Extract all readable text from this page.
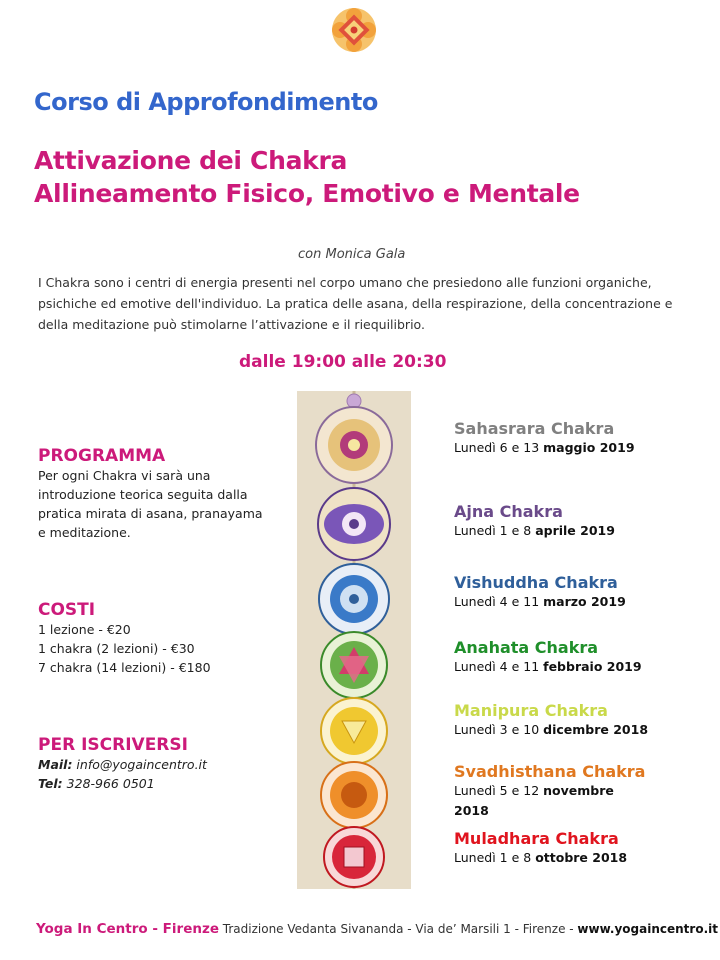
Corso di Approfondimento
Attivazione dei Chakra
Allineamento Fisico, Emotivo e Mentale
con Monica Gala
I Chakra sono i centri di energia presenti nel corpo umano che presiedono alle funzioni organiche, psichiche ed emotive dell'individuo. La pratica delle asana, della respirazione, della concentrazione e della meditazione può stimolarne l’attivazione e il riequilibrio.
dalle 19:00 alle 20:30
PROGRAMMA
Per ogni Chakra vi sarà una
introduzione teorica seguita dalla
pratica mirata di asana, pranayama
e meditazione.
COSTI
1 lezione - €20
1 chakra (2 lezioni) - €30
7 chakra (14 lezioni) - €180
PER ISCRIVERSI
Mail: info@yogaincentro.it
Tel: 328-966 0501
Sahasrara Chakra
Lunedì 6 e 13 maggio 2019
Ajna Chakra
Lunedì 1 e 8 aprile 2019
Vishuddha Chakra
Lunedì 4 e 11 marzo 2019
Anahata Chakra
Lunedì 4 e 11 febbraio 2019
Manipura Chakra
Lunedì 3 e 10 dicembre 2018
Svadhisthana Chakra
Lunedì 5 e 12 novembre
2018
Muladhara Chakra
Lunedì 1 e 8 ottobre 2018
Yoga In Centro - Firenze Tradizione Vedanta Sivananda - Via de’ Marsili 1 - Firenze - www.yogaincentro.it
